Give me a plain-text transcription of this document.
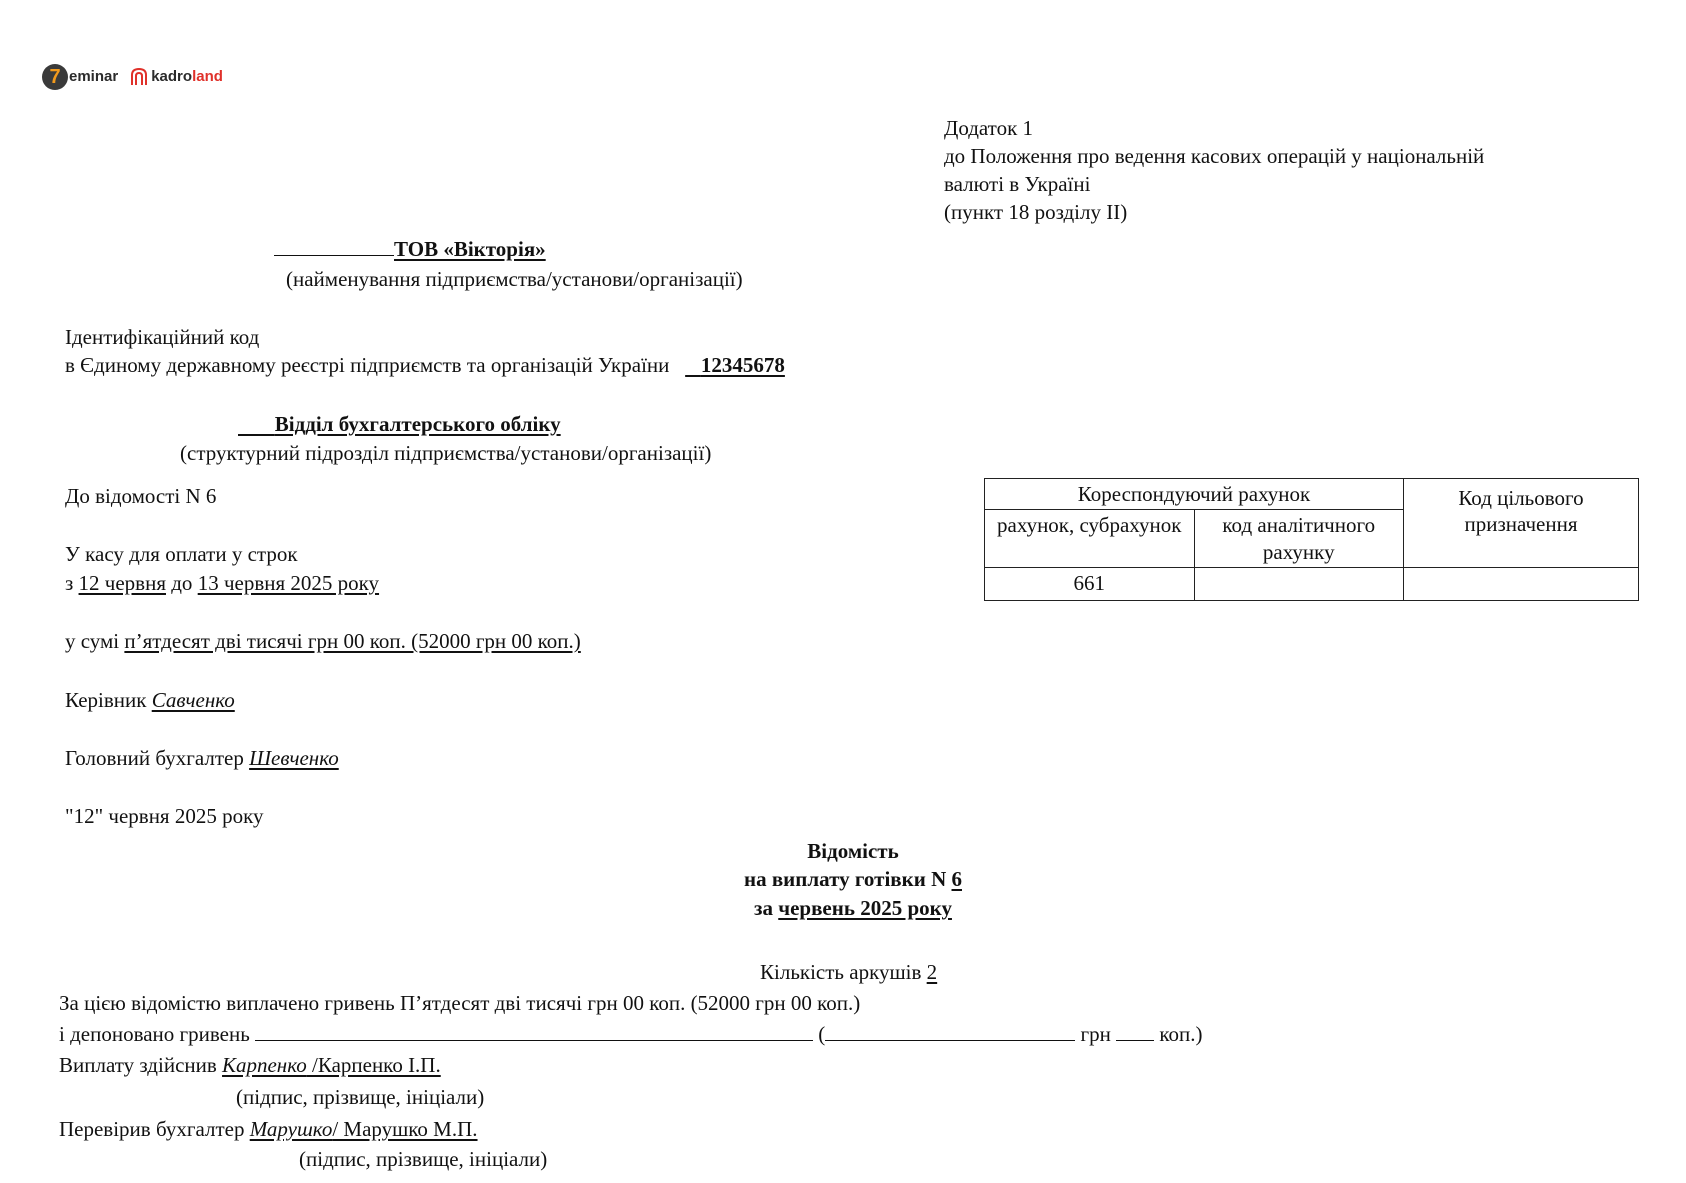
7 eminar kadroland
Додаток 1
до Положення про ведення касових операцій у національній
валюті в Україні
(пункт 18 розділу II)
ТОВ «Вікторія»
(найменування підприємства/установи/організації)
Ідентифікаційний код
в Єдиному державному реєстрі підприємств та організацій України 12345678
Відділ бухгалтерського обліку
(структурний підрозділ підприємства/установи/організації)
До відомості N 6
У касу для оплати у строк
з 12 червня до 13 червня 2025 року
у сумі п’ятдесят дві тисячі грн 00 коп. (52000 грн 00 коп.)
Керівник Савченко
Головний бухгалтер Шевченко
"12" червня 2025 року
Кореспондуючий рахунок		Код цільового призначення
рахунок, субрахунок	код аналітичного рахунку	
661		
Відомість
на виплату готівки N 6
за червень 2025 року
Кількість аркушів 2
За цією відомістю виплачено гривень П’ятдесят дві тисячі грн 00 коп. (52000 грн 00 коп.)
і депоновано гривень	(	грн коп.)
Виплату здійснив Карпенко /Карпенко І.П.
(підпис, прізвище, ініціали)
Перевірив бухгалтер Марушко/ Марушко М.П.
(підпис, прізвище, ініціали)
